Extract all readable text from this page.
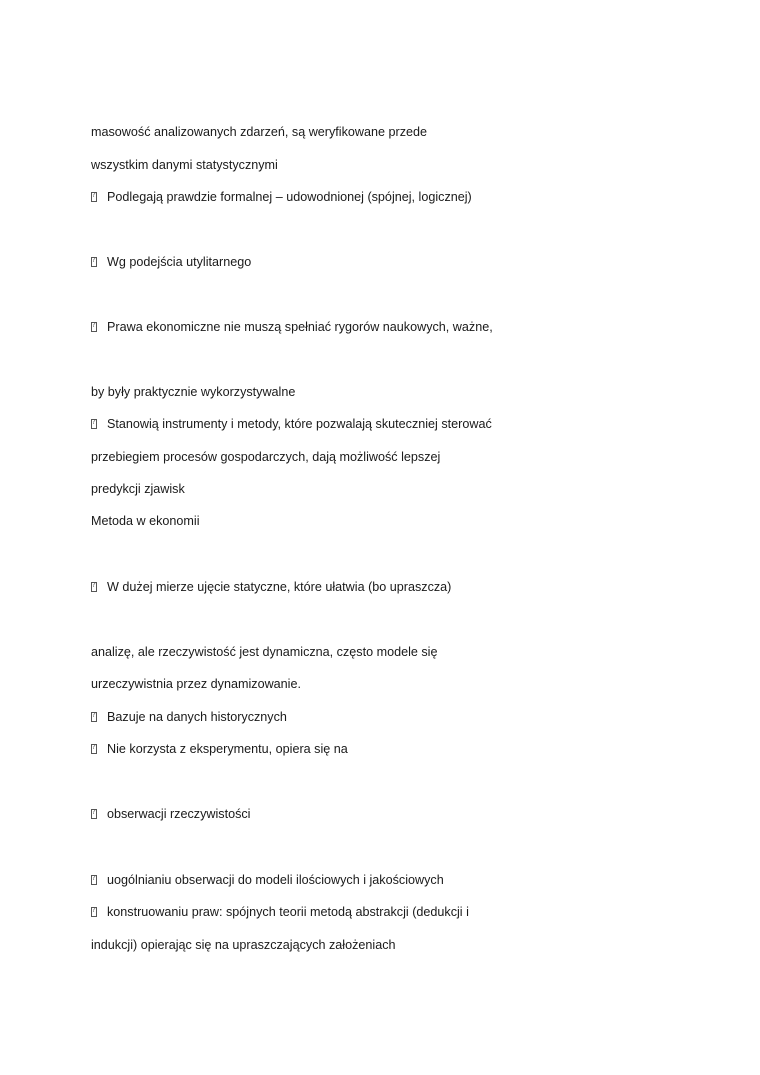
masowość analizowanych zdarzeń, są weryfikowane przede
wszystkim danymi statystycznymi
?Podlegają prawdzie formalnej – udowodnionej (spójnej, logicznej)
?Wg podejścia utylitarnego
?Prawa ekonomiczne nie muszą spełniać rygorów naukowych, ważne,
by były praktycznie wykorzystywalne
?Stanowią instrumenty i metody, które pozwalają skuteczniej sterować
przebiegiem procesów gospodarczych, dają możliwość lepszej
predykcji zjawisk
Metoda w ekonomii
?W dużej mierze ujęcie statyczne, które ułatwia (bo upraszcza)
analizę, ale rzeczywistość jest dynamiczna, często modele się
urzeczywistnia przez dynamizowanie.
?Bazuje na danych historycznych
?Nie korzysta z eksperymentu, opiera się na
?obserwacji rzeczywistości
?uogólnianiu obserwacji do modeli ilościowych i jakościowych
?konstruowaniu praw: spójnych teorii metodą abstrakcji (dedukcji i
indukcji) opierając się na upraszczających założeniach
